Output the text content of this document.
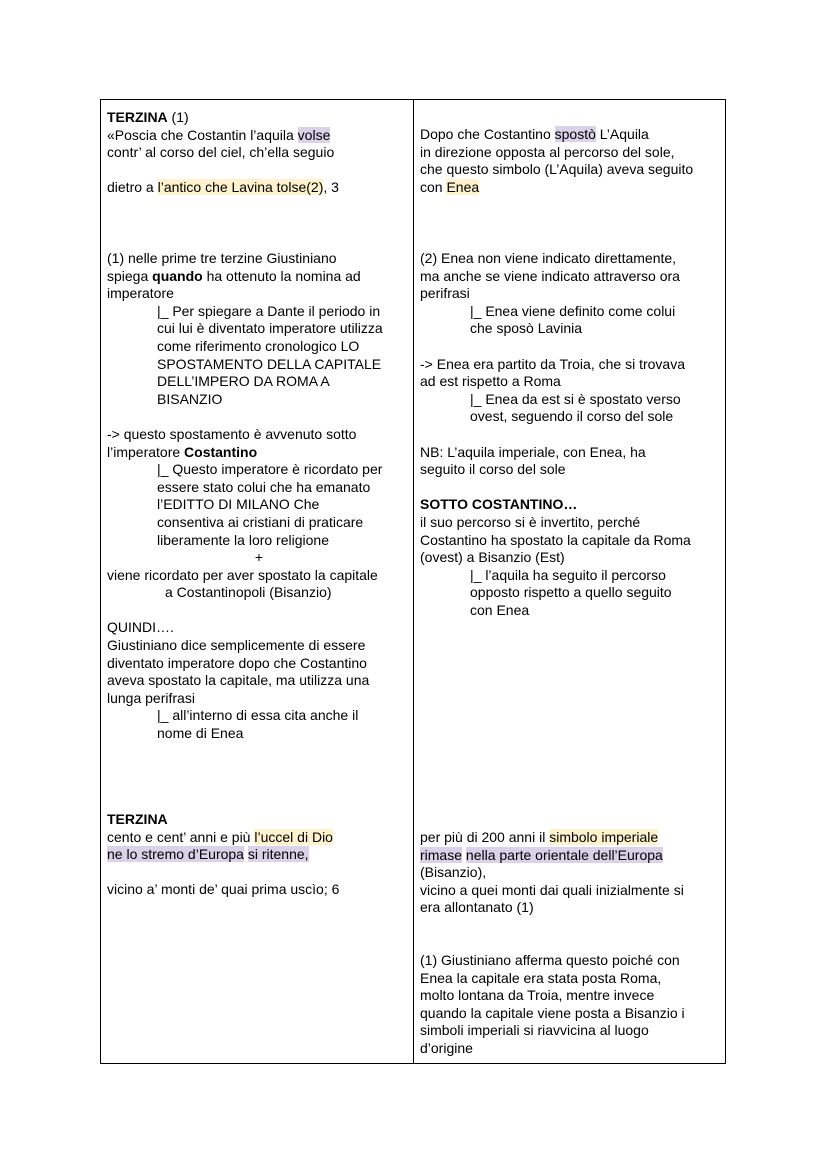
TERZINA (1)
«Poscia che Costantin l’aquila volse
contr’ al corso del ciel, ch’ella seguio
dietro a l’antico che Lavina tolse(2), 3
(1) nelle prime tre terzine Giustiniano
spiega quando ha ottenuto la nomina ad
imperatore
|_ Per spiegare a Dante il periodo in
cui lui è diventato imperatore utilizza
come riferimento cronologico LO
SPOSTAMENTO DELLA CAPITALE
DELL’IMPERO DA ROMA A
BISANZIO
-> questo spostamento è avvenuto sotto
l’imperatore Costantino
|_ Questo imperatore è ricordato per
essere stato colui che ha emanato
l’EDITTO DI MILANO Che
consentiva ai cristiani di praticare
liberamente la loro religione
+
viene ricordato per aver spostato la capitale
a Costantinopoli (Bisanzio)
QUINDI….
Giustiniano dice semplicemente di essere
diventato imperatore dopo che Costantino
aveva spostato la capitale, ma utilizza una
lunga perifrasi
|_ all’interno di essa cita anche il
nome di Enea
TERZINA
cento e cent’ anni e più l’uccel di Dio
ne lo stremo d’Europa si ritenne,
vicino a’ monti de’ quai prima uscìo; 6
Dopo che Costantino spostò L’Aquila
in direzione opposta al percorso del sole,
che questo simbolo (L’Aquila) aveva seguito
con Enea
(2) Enea non viene indicato direttamente,
ma anche se viene indicato attraverso ora
perifrasi
|_ Enea viene definito come colui
che sposò Lavinia
-> Enea era partito da Troia, che si trovava
ad est rispetto a Roma
|_ Enea da est si è spostato verso
ovest, seguendo il corso del sole
NB: L’aquila imperiale, con Enea, ha
seguito il corso del sole
SOTTO COSTANTINO…
il suo percorso si è invertito, perché
Costantino ha spostato la capitale da Roma
(ovest) a Bisanzio (Est)
|_ l’aquila ha seguito il percorso
opposto rispetto a quello seguito
con Enea
per più di 200 anni il simbolo imperiale
rimase nella parte orientale dell’Europa
(Bisanzio),
vicino a quei monti dai quali inizialmente si
era allontanato (1)
(1) Giustiniano afferma questo poiché con
Enea la capitale era stata posta Roma,
molto lontana da Troia, mentre invece
quando la capitale viene posta a Bisanzio i
simboli imperiali si riavvicina al luogo
d’origine
